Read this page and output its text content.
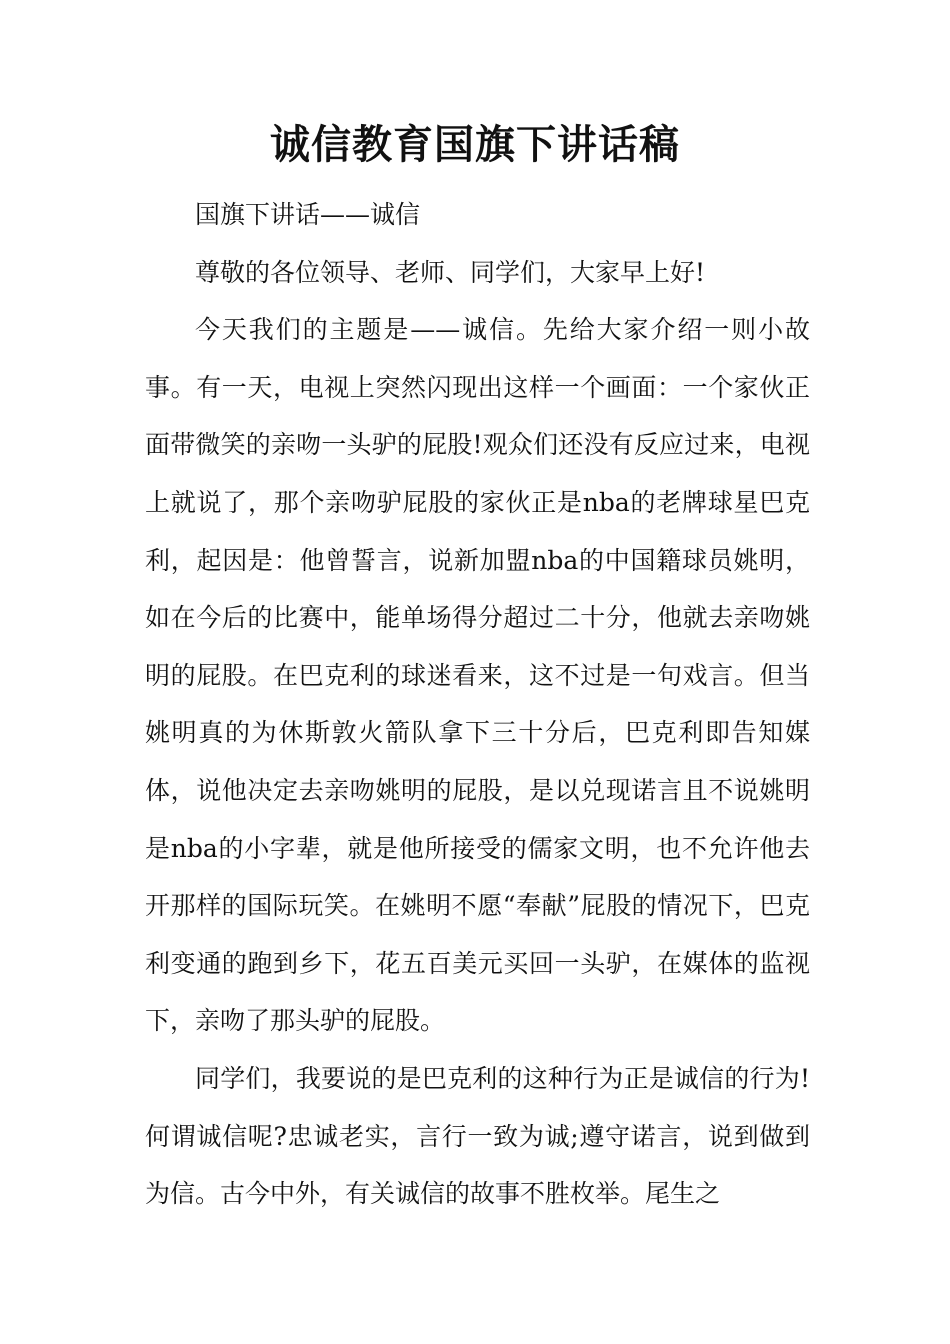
诚信教育国旗下讲话稿

国旗下讲话——诚信

尊敬的各位领导、老师、同学们，大家早上好!

今天我们的主题是——诚信。先给大家介绍一则小故事。有一天，电视上突然闪现出这样一个画面：一个家伙正面带微笑的亲吻一头驴的屁股!观众们还没有反应过来，电视上就说了，那个亲吻驴屁股的家伙正是nba的老牌球星巴克利，起因是：他曾誓言，说新加盟nba的中国籍球员姚明，如在今后的比赛中，能单场得分超过二十分，他就去亲吻姚明的屁股。在巴克利的球迷看来，这不过是一句戏言。但当姚明真的为休斯敦火箭队拿下三十分后，巴克利即告知媒体，说他决定去亲吻姚明的屁股，是以兑现诺言且不说姚明是nba的小字辈，就是他所接受的儒家文明，也不允许他去开那样的国际玩笑。在姚明不愿“奉献”屁股的情况下，巴克利变通的跑到乡下，花五百美元买回一头驴，在媒体的监视下，亲吻了那头驴的屁股。

同学们，我要说的是巴克利的这种行为正是诚信的行为!何谓诚信呢?忠诚老实，言行一致为诚;遵守诺言，说到做到为信。古今中外，有关诚信的故事不胜枚举。尾生之
